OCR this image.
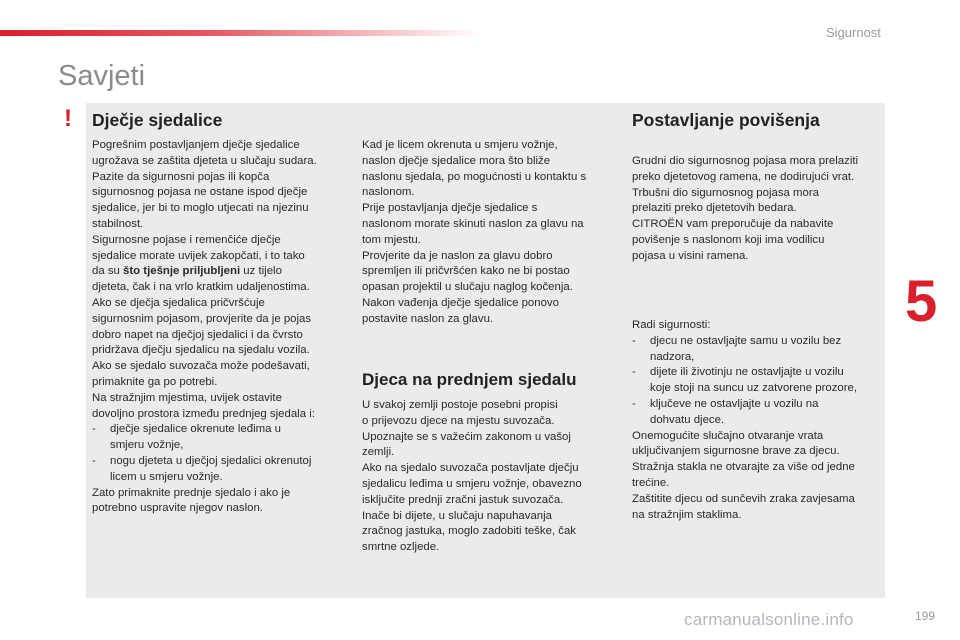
Sigurnost
Savjeti
! Dječje sjedalice

Pogrešnim postavljanjem dječje sjedalice

ugrožava se zaštita djeteta u slučaju sudara.

Pazite da sigurnosni pojas ili kopča

sigurnosnog pojasa ne ostane ispod dječje

sjedalice, jer bi to moglo utjecati na njezinu

stabilnost.

Sigurnosne pojase i remenčiće dječje

sjedalice morate uvijek zakopčati, i to tako

da su što tješnje priljubljeni uz tijelo

djeteta, čak i na vrlo kratkim udaljenostima.

Ako se dječja sjedalica pričvršćuje

sigurnosnim pojasom, provjerite da je pojas

dobro napet na dječjoj sjedalici i da čvrsto

pridržava dječju sjedalicu na sjedalu vozila.

Ako se sjedalo suvozača može podešavati,

primaknite ga po potrebi.

Na stražnjim mjestima, uvijek ostavite

dovoljno prostora između prednjeg sjedala i:

-	dječje sjedalice okrenute leđima u
smjeru vožnje,
-	nogu djeteta u dječjoj sjedalici okrenutoj
licem u smjeru vožnje.

Zato primaknite prednje sjedalo i ako je

potrebno uspravite njegov naslon.

Kad je licem okrenuta u smjeru vožnje,

naslon dječje sjedalice mora što bliže

naslonu sjedala, po mogućnosti u kontaktu s

naslonom.

Prije postavljanja dječje sjedalice s

naslonom morate skinuti naslon za glavu na

tom mjestu.

Provjerite da je naslon za glavu dobro

spremljen ili pričvršćen kako ne bi postao

opasan projektil u slučaju naglog kočenja.

Nakon vađenja dječje sjedalice ponovo

postavite naslon za glavu.

Djeca na prednjem sjedalu

U svakoj zemlji postoje posebni propisi

o prijevozu djece na mjestu suvozača.

Upoznajte se s važećim zakonom u vašoj

zemlji.

Ako na sjedalo suvozača postavljate dječju

sjedalicu leđima u smjeru vožnje, obavezno

isključite prednji zračni jastuk suvozača.

Inače bi dijete, u slučaju napuhavanja

zračnog jastuka, moglo zadobiti teške, čak

smrtne ozljede.

Postavljanje povišenja

Grudni dio sigurnosnog pojasa mora prelaziti

preko djetetovog ramena, ne dodirujući vrat.

Trbušni dio sigurnosnog pojasa mora

prelaziti preko djetetovih bedara.

CITROËN vam preporučuje da nabavite

povišenje s naslonom koji ima vodilicu

pojasa u visini ramena.

Radi sigurnosti:

-	djecu ne ostavljajte samu u vozilu bez
nadzora,
-	dijete ili životinju ne ostavljajte u vozilu
koje stoji na suncu uz zatvorene prozore,
-	ključeve ne ostavljajte u vozilu na
dohvatu djece.

Onemogućite slučajno otvaranje vrata

uključivanjem sigurnosne brave za djecu.

Stražnja stakla ne otvarajte za više od jedne

trećine.

Zaštitite djecu od sunčevih zraka zavjesama

na stražnjim staklima.

5
carmanualsonline.info	199
